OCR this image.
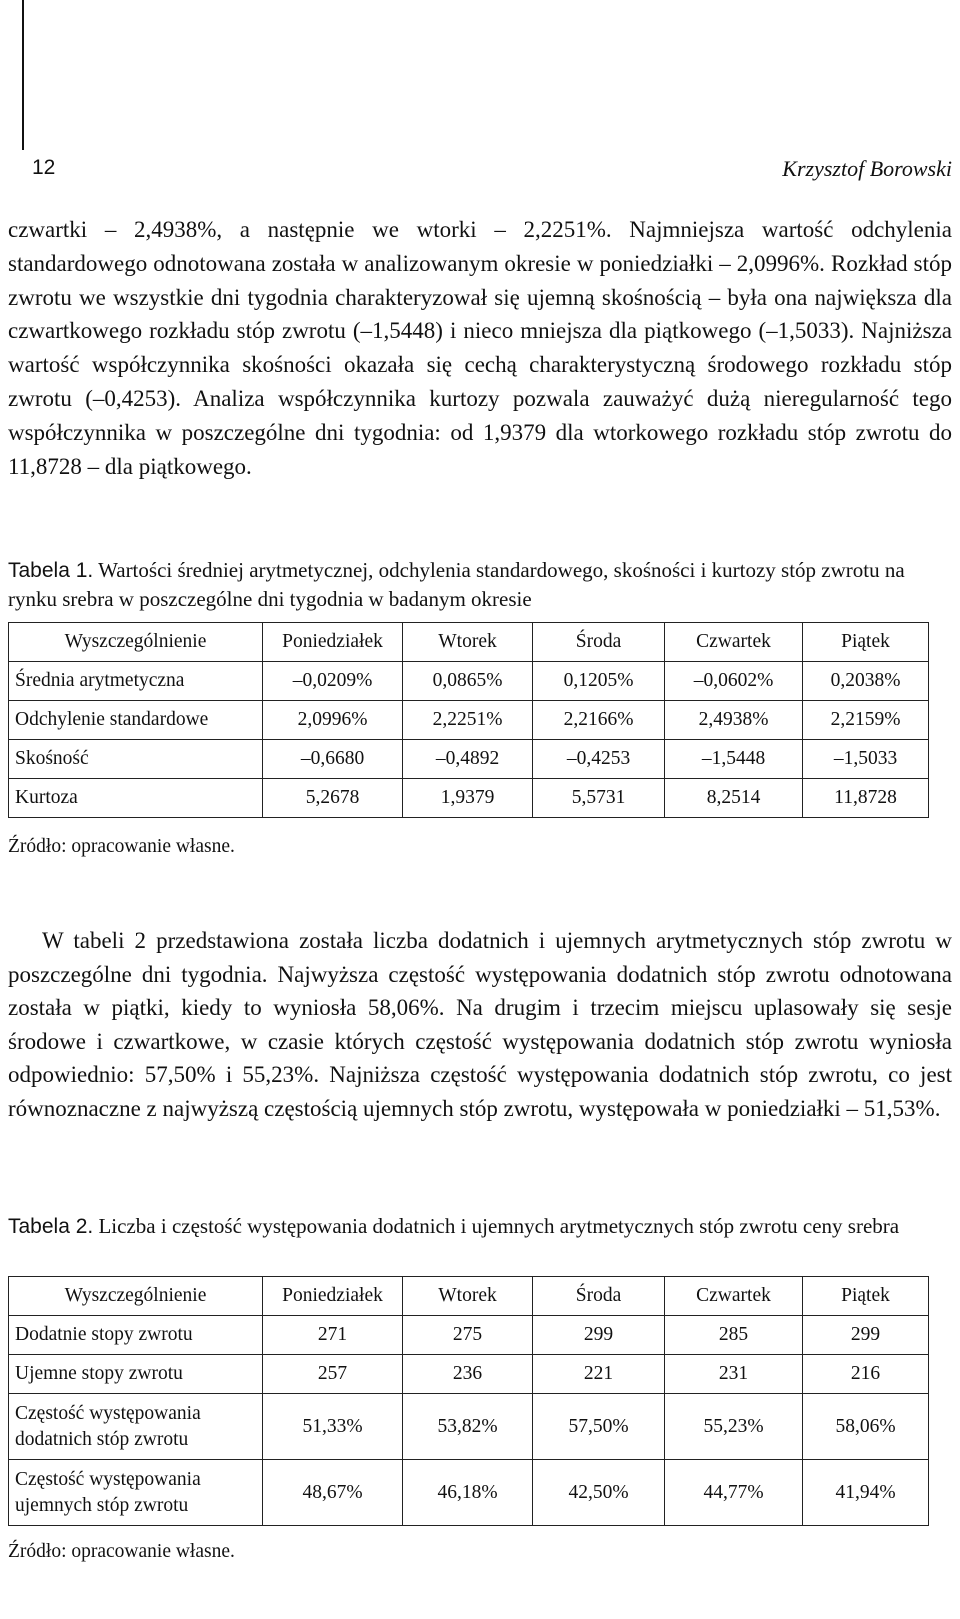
12	Krzysztof Borowski

czwartki – 2,4938%, a następnie we wtorki – 2,2251%. Najmniejsza wartość odchylenia standardowego odnotowana została w analizowanym okresie w poniedziałki – 2,0996%. Rozkład stóp zwrotu we wszystkie dni tygodnia charakteryzował się ujemną skośnością – była ona największa dla czwartkowego rozkładu stóp zwrotu (–1,5448) i nieco mniejsza dla piątkowego (–1,5033). Najniższa wartość współczynnika skośności okazała się cechą charakterystyczną środowego rozkładu stóp zwrotu (–0,4253). Analiza współczynnika kurtozy pozwala zauważyć dużą nieregularność tego współczynnika w poszczególne dni tygodnia: od 1,9379 dla wtorkowego rozkładu stóp zwrotu do 11,8728 – dla piątkowego.

Tabela 1. Wartości średniej arytmetycznej, odchylenia standardowego, skośności i kurtozy stóp zwrotu na rynku srebra w poszczególne dni tygodnia w badanym okresie

Wyszczególnienie	Poniedziałek	Wtorek	Środa	Czwartek	Piątek
Średnia arytmetyczna	–0,0209%	0,0865%	0,1205%	–0,0602%	0,2038%
Odchylenie standardowe	2,0996%	2,2251%	2,2166%	2,4938%	2,2159%
Skośność	–0,6680	–0,4892	–0,4253	–1,5448	–1,5033
Kurtoza	5,2678	1,9379	5,5731	8,2514	11,8728
Źródło: opracowanie własne.

W tabeli 2 przedstawiona została liczba dodatnich i ujemnych arytmetycznych stóp zwrotu w poszczególne dni tygodnia. Najwyższa częstość występowania dodatnich stóp zwrotu odnotowana została w piątki, kiedy to wyniosła 58,06%. Na drugim i trzecim miejscu uplasowały się sesje środowe i czwartkowe, w czasie których częstość występowania dodatnich stóp zwrotu wyniosła odpowiednio: 57,50% i 55,23%. Najniższa częstość występowania dodatnich stóp zwrotu, co jest równoznaczne z najwyższą częstością ujemnych stóp zwrotu, występowała w poniedziałki – 51,53%.

Tabela 2. Liczba i częstość występowania dodatnich i ujemnych arytmetycznych stóp zwrotu ceny srebra

Wyszczególnienie	Poniedziałek	Wtorek	Środa	Czwartek	Piątek
Dodatnie stopy zwrotu	271	275	299	285	299
Ujemne stopy zwrotu	257	236	221	231	216
Częstość występowania dodatnich stóp zwrotu	51,33%	53,82%	57,50%	55,23%	58,06%
Częstość występowania ujemnych stóp zwrotu	48,67%	46,18%	42,50%	44,77%	41,94%
Źródło: opracowanie własne.
